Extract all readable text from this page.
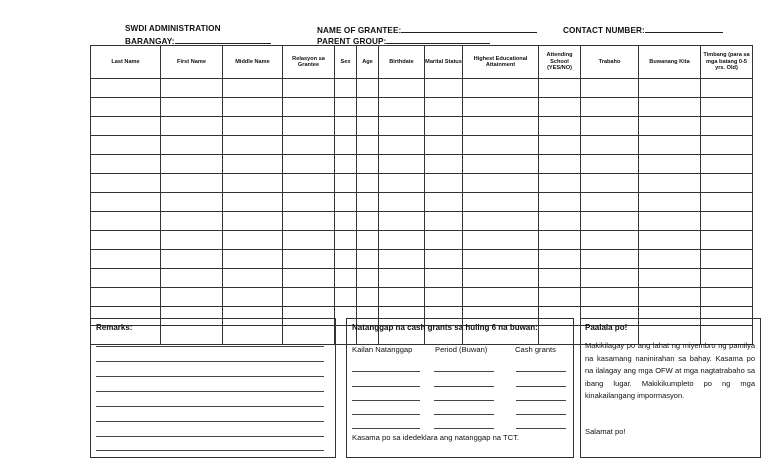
SWDI ADMINISTRATION
BARANGAY:
NAME OF GRANTEE:
PARENT GROUP:
CONTACT NUMBER:
Last Name	First Name	Middle Name	Relasyon sa Grantee	Sex	Age	Birthdate	Marital Status	Highest Educational Attainment	Attending School (YES/NO)	Trabaho	Buwanang Kita	Timbang (para sa mga batang 0-5 yrs. Old)

Remarks:	Natanggap na cash grants sa huling 6 na buwan:
Kailan Natanggap	Period (Buwan)	Cash grants
Kasama po sa idedeklara ang natanggap na TCT.
Paalala po!
Makikilagay po ang lahat ng miyembro ng pamilya na kasamang naninirahan sa bahay. Kasama po na ilalagay ang mga OFW at mga nagtatrabaho sa ibang lugar. Makikikumpleto po ng mga kinakailangang impormasyon.
Salamat po!
